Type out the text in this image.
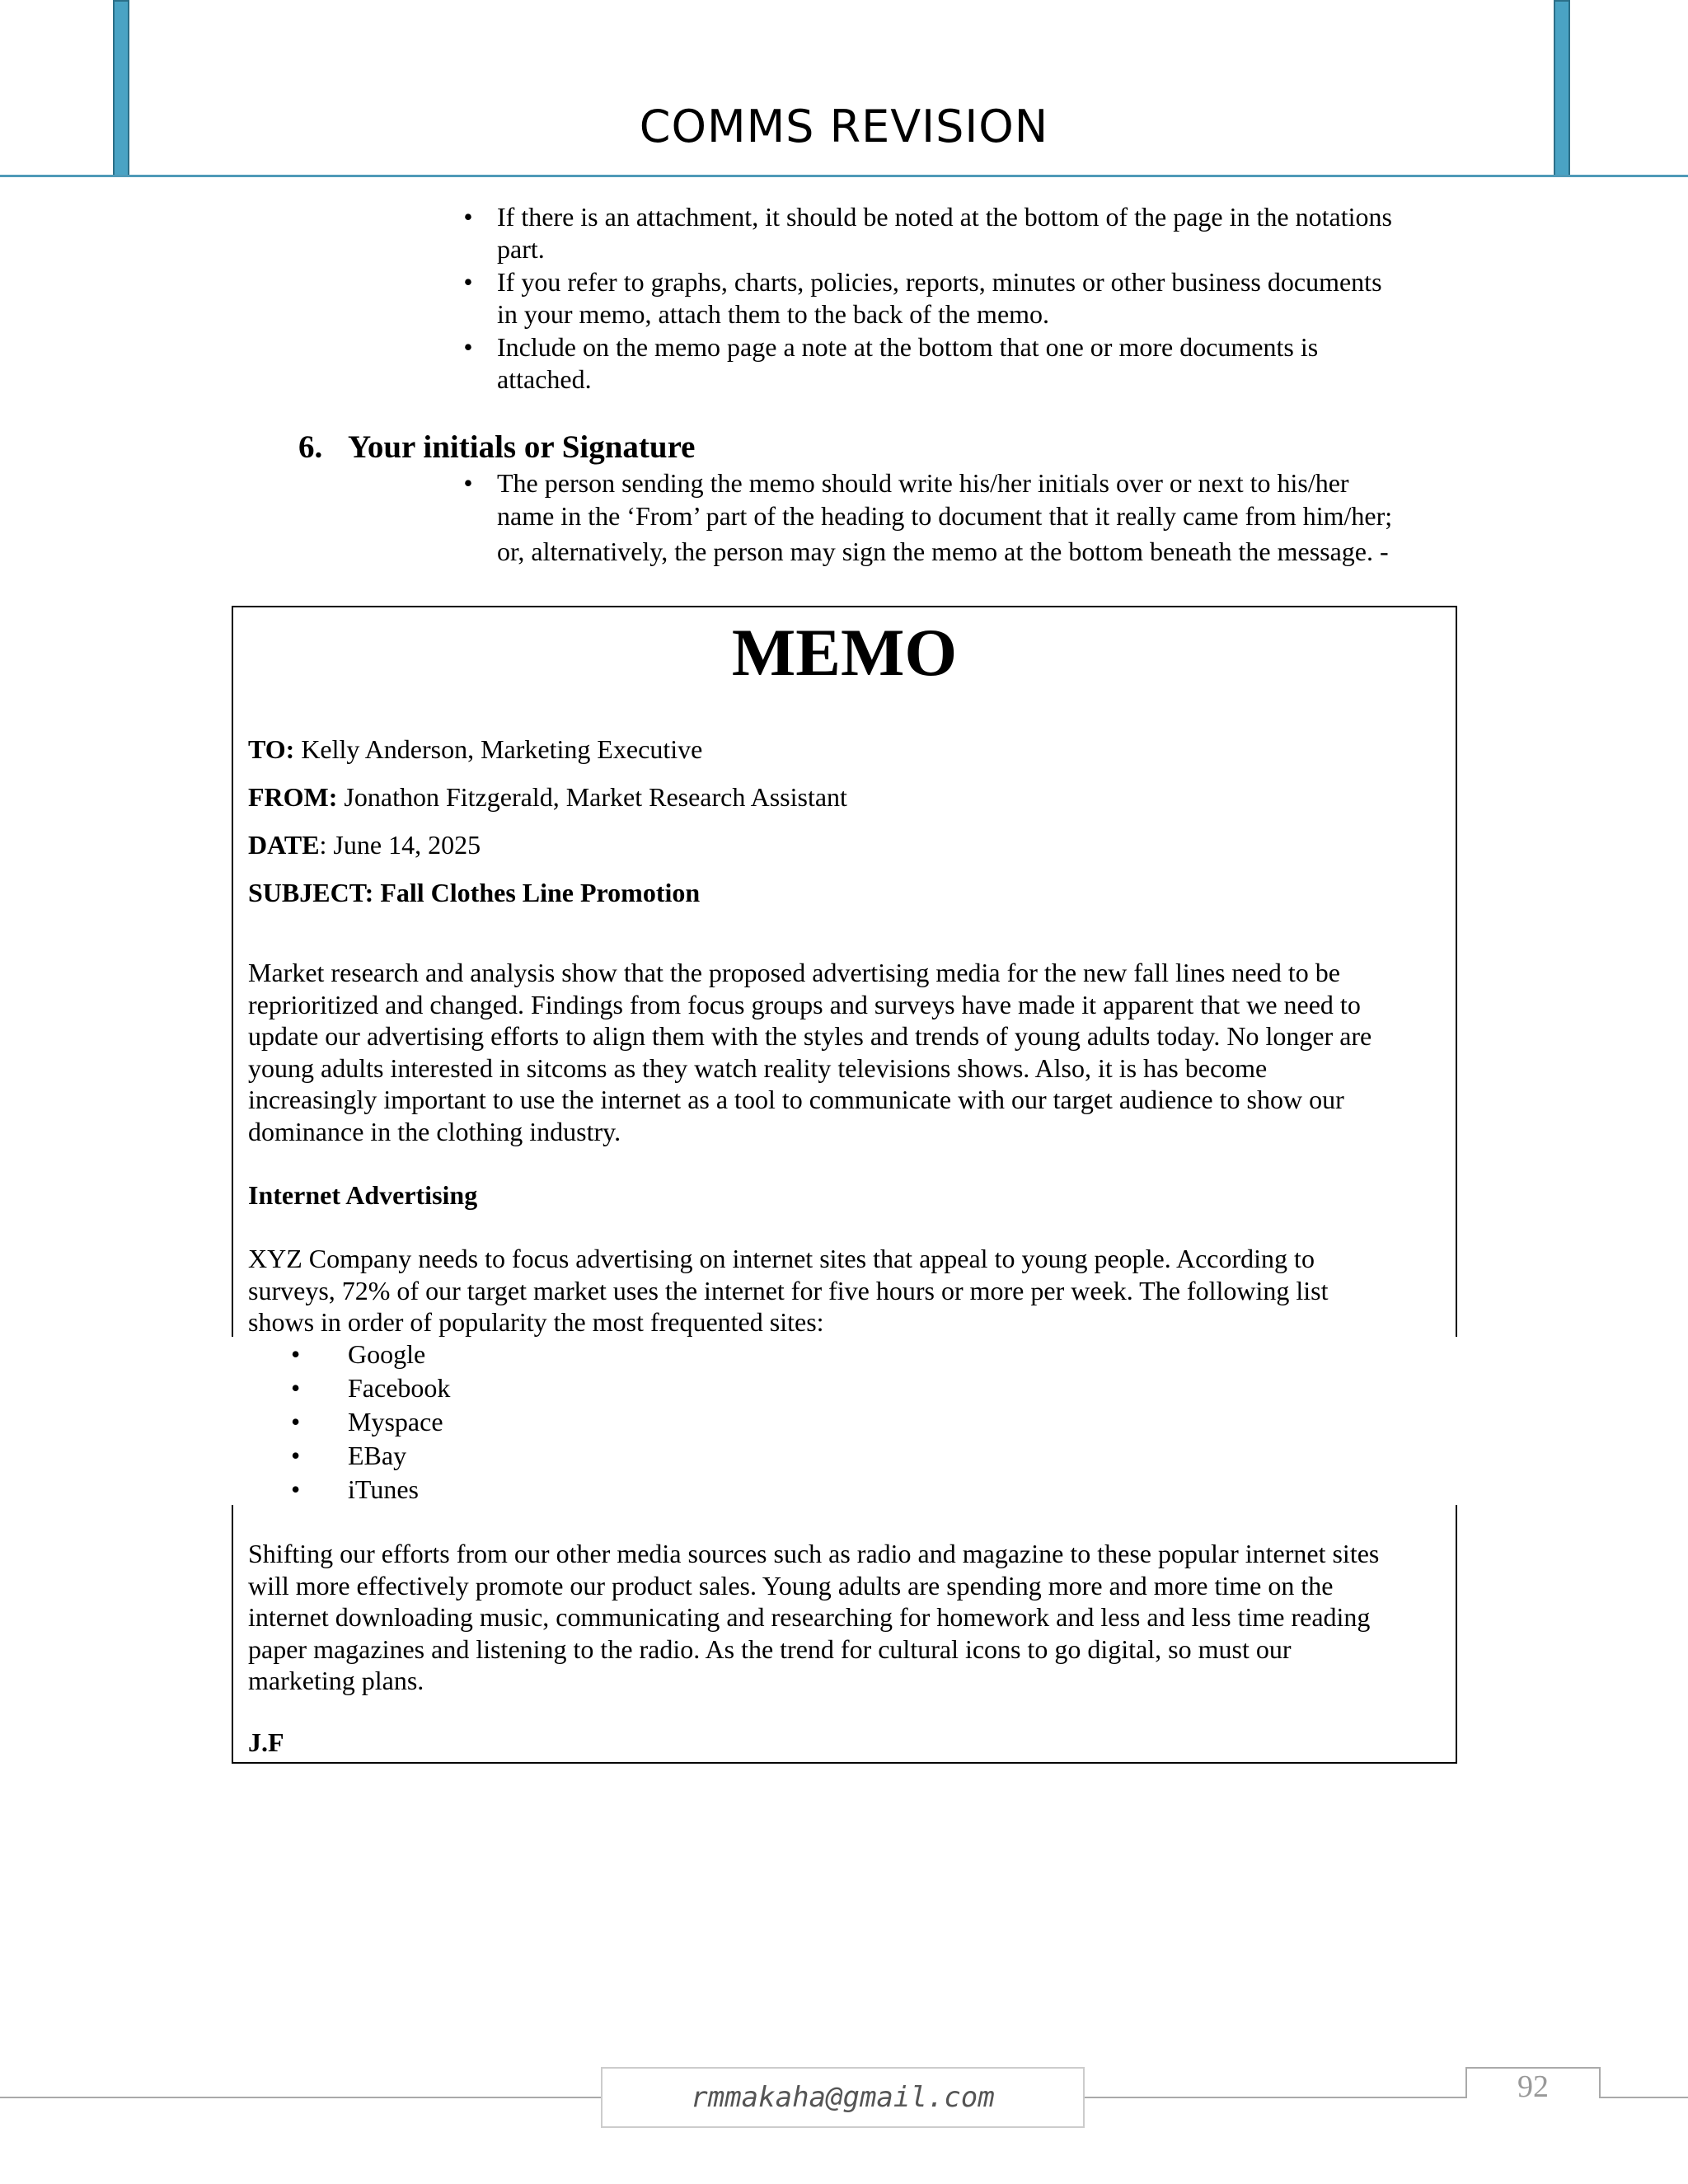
COMMS REVISION
• If there is an attachment, it should be noted at the bottom of the page in the notations

part.

• If you refer to graphs, charts, policies, reports, minutes or other business documents

in your memo, attach them to the back of the memo.

• Include on the memo page a note at the bottom that one or more documents is

attached.

6. Your initials or Signature
• The person sending the memo should write his/her initials over or next to his/her

name in the ‘From’ part of the heading to document that it really came from him/her;

or, alternatively, the person may sign the memo at the bottom beneath the message. -

MEMO
TO: Kelly Anderson, Marketing Executive
FROM: Jonathon Fitzgerald, Market Research Assistant
DATE: June 14, 2025
SUBJECT: Fall Clothes Line Promotion
Market research and analysis show that the proposed advertising media for the new fall lines need to be
reprioritized and changed. Findings from focus groups and surveys have made it apparent that we need to
update our advertising efforts to align them with the styles and trends of young adults today. No longer are
young adults interested in sitcoms as they watch reality televisions shows. Also, it is has become
increasingly important to use the internet as a tool to communicate with our target audience to show our
dominance in the clothing industry.
Internet Advertising
XYZ Company needs to focus advertising on internet sites that appeal to young people. According to
surveys, 72% of our target market uses the internet for five hours or more per week. The following list
shows in order of popularity the most frequented sites:
• Google
• Facebook
• Myspace
• EBay
• iTunes
Shifting our efforts from our other media sources such as radio and magazine to these popular internet sites
will more effectively promote our product sales. Young adults are spending more and more time on the
internet downloading music, communicating and researching for homework and less and less time reading
paper magazines and listening to the radio. As the trend for cultural icons to go digital, so must our
marketing plans.
J.F
rmmakaha@gmail.com	92
